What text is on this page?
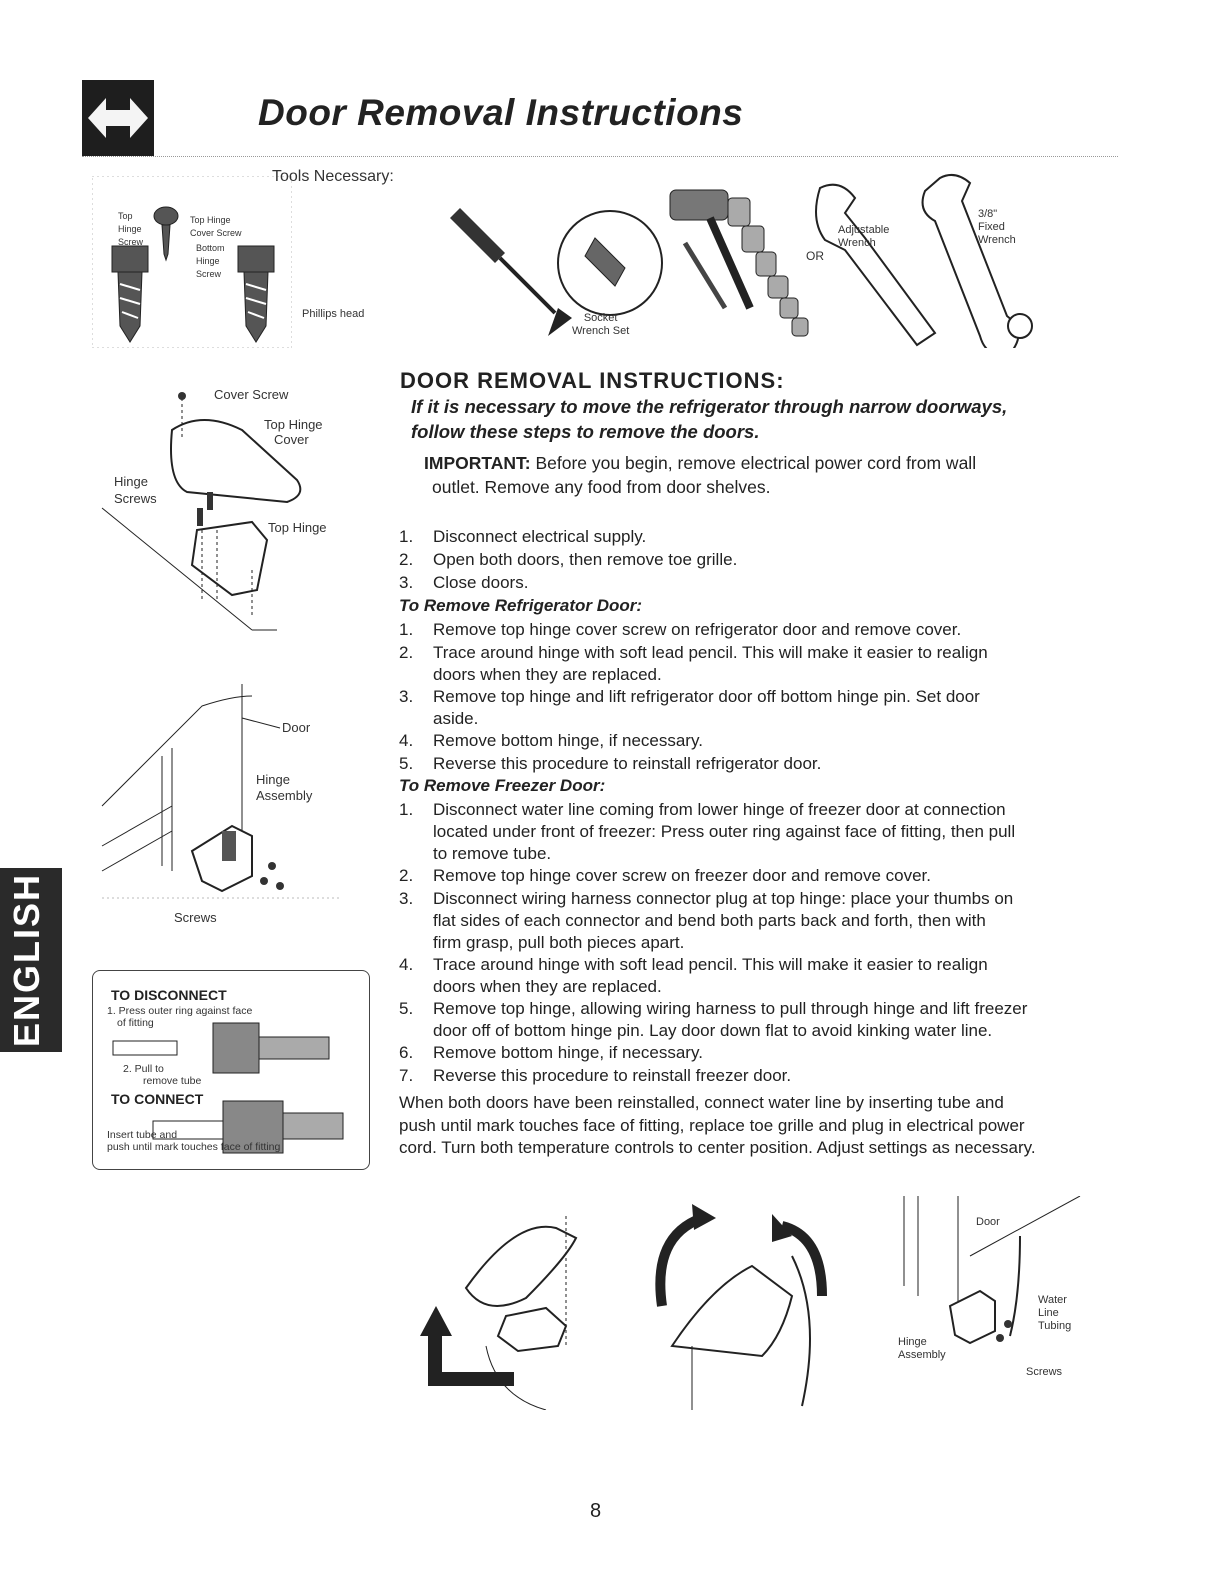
Door Removal Instructions
ENGLISH
Top
Hinge
Screw
Top Hinge
Cover Screw
Bottom
Hinge
Screw
Tools Necessary:
Phillips head	Socket
Wrench Set
Adjustable
Wrench
OR
3/8"
Fixed
Wrench
Cover Screw
Top Hinge
Cover
Hinge
Screws
Top Hinge
Door
Hinge
Assembly
Screws
TO DISCONNECT
1. Press outer ring against face
of fitting
2. Pull to
remove tube
TO CONNECT
Insert tube and
push until mark touches face of fitting
DOOR REMOVAL INSTRUCTIONS:
If it is necessary to move the refrigerator through narrow doorways,
follow these steps to remove the doors.
IMPORTANT: Before you begin, remove electrical power cord from wall
outlet. Remove any food from door shelves.
1. Disconnect electrical supply.
2. Open both doors, then remove toe grille.
3. Close doors.
To Remove Refrigerator Door:
1. Remove top hinge cover screw on refrigerator door and remove cover.
2. Trace around hinge with soft lead pencil. This will make it easier to realign
doors when they are replaced.
3. Remove top hinge and lift refrigerator door off bottom hinge pin. Set door
aside.
4. Remove bottom hinge, if necessary.
5. Reverse this procedure to reinstall refrigerator door.
To Remove Freezer Door:
1. Disconnect water line coming from lower hinge of freezer door at connection
located under front of freezer: Press outer ring against face of fitting, then pull
to remove tube.
2. Remove top hinge cover screw on freezer door and remove cover.
3. Disconnect wiring harness connector plug at top hinge: place your thumbs on
flat sides of each connector and bend both parts back and forth, then with
firm grasp, pull both pieces apart.
4. Trace around hinge with soft lead pencil. This will make it easier to realign
doors when they are replaced.
5. Remove top hinge, allowing wiring harness to pull through hinge and lift freezer
door off of bottom hinge pin. Lay door down flat to avoid kinking water line.
6. Remove bottom hinge, if necessary.
7. Reverse this procedure to reinstall freezer door.
When both doors have been reinstalled, connect water line by inserting tube and
push until mark touches face of fitting, replace toe grille and plug in electrical power
cord. Turn both temperature controls to center position. Adjust settings as necessary.
Door
Water
Line
Tubing
Hinge
Assembly
Screws
8
